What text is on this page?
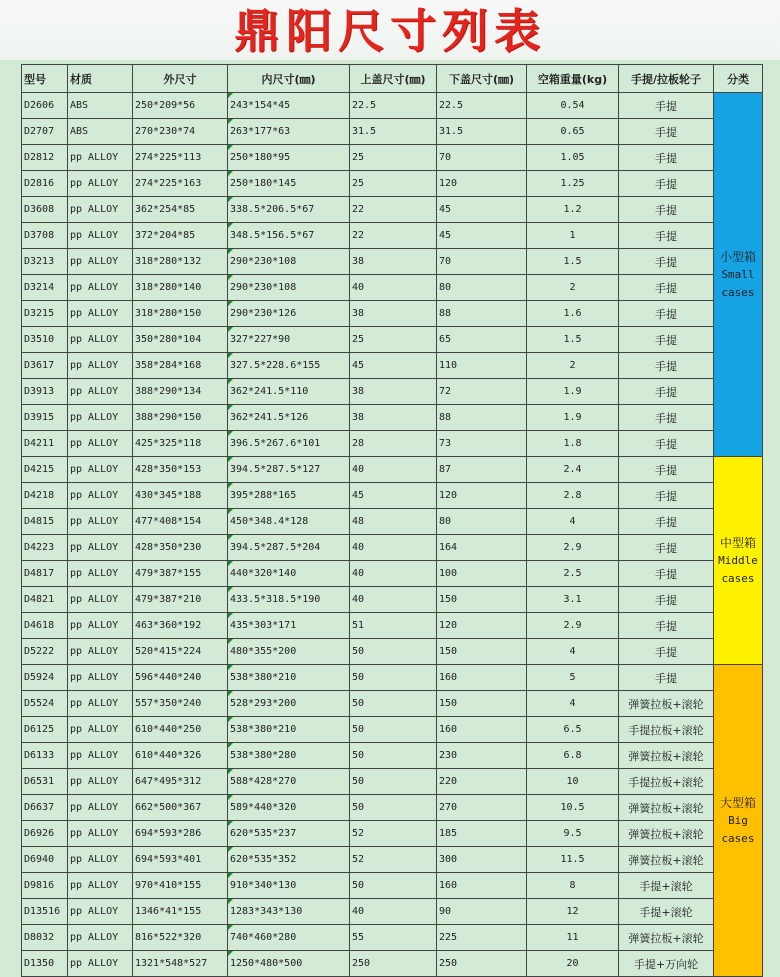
鼎阳尺寸列表
型号	材质	外尺寸	内尺寸(㎜)	上盖尺寸(㎜)	下盖尺寸(㎜)	空箱重量(kg)	手提/拉板轮子	分类
D2606	ABS	250*209*56	243*154*45	22.5	22.5	0.54	手提	小型箱
Small
cases

D2707	ABS	270*230*74	263*177*63	31.5	31.5	0.65	手提	
D2812	pp ALLOY	274*225*113	250*180*95	25	70	1.05	手提	
D2816	pp ALLOY	274*225*163	250*180*145	25	120	1.25	手提	
D3608	pp ALLOY	362*254*85	338.5*206.5*67	22	45	1.2	手提	
D3708	pp ALLOY	372*204*85	348.5*156.5*67	22	45	1	手提	
D3213	pp ALLOY	318*280*132	290*230*108	38	70	1.5	手提	
D3214	pp ALLOY	318*280*140	290*230*108	40	80	2	手提	
D3215	pp ALLOY	318*280*150	290*230*126	38	88	1.6	手提	
D3510	pp ALLOY	350*280*104	327*227*90	25	65	1.5	手提	
D3617	pp ALLOY	358*284*168	327.5*228.6*155	45	110	2	手提	
D3913	pp ALLOY	388*290*134	362*241.5*110	38	72	1.9	手提	
D3915	pp ALLOY	388*290*150	362*241.5*126	38	88	1.9	手提	
D4211	pp ALLOY	425*325*118	396.5*267.6*101	28	73	1.8	手提	
D4215	pp ALLOY	428*350*153	394.5*287.5*127	40	87	2.4	手提	中型箱
Middle
cases

D4218	pp ALLOY	430*345*188	395*288*165	45	120	2.8	手提	
D4815	pp ALLOY	477*408*154	450*348.4*128	48	80	4	手提	
D4223	pp ALLOY	428*350*230	394.5*287.5*204	40	164	2.9	手提	
D4817	pp ALLOY	479*387*155	440*320*140	40	100	2.5	手提	
D4821	pp ALLOY	479*387*210	433.5*318.5*190	40	150	3.1	手提	
D4618	pp ALLOY	463*360*192	435*303*171	51	120	2.9	手提	
D5222	pp ALLOY	520*415*224	480*355*200	50	150	4	手提	
D5924	pp ALLOY	596*440*240	538*380*210	50	160	5	手提	大型箱
Big
cases

D5524	pp ALLOY	557*350*240	528*293*200	50	150	4	弹簧拉板+滚轮	
D6125	pp ALLOY	610*440*250	538*380*210	50	160	6.5	手提拉板+滚轮	
D6133	pp ALLOY	610*440*326	538*380*280	50	230	6.8	弹簧拉板+滚轮	
D6531	pp ALLOY	647*495*312	588*428*270	50	220	10	手提拉板+滚轮	
D6637	pp ALLOY	662*500*367	589*440*320	50	270	10.5	弹簧拉板+滚轮	
D6926	pp ALLOY	694*593*286	620*535*237	52	185	9.5	弹簧拉板+滚轮	
D6940	pp ALLOY	694*593*401	620*535*352	52	300	11.5	弹簧拉板+滚轮	
D9816	pp ALLOY	970*410*155	910*340*130	50	160	8	手提+滚轮	
D13516	pp ALLOY	1346*41*155	1283*343*130	40	90	12	手提+滚轮	
D8032	pp ALLOY	816*522*320	740*460*280	55	225	11	弹簧拉板+滚轮	
D1350	pp ALLOY	1321*548*527	1250*480*500	250	250	20	手提+万向轮	
